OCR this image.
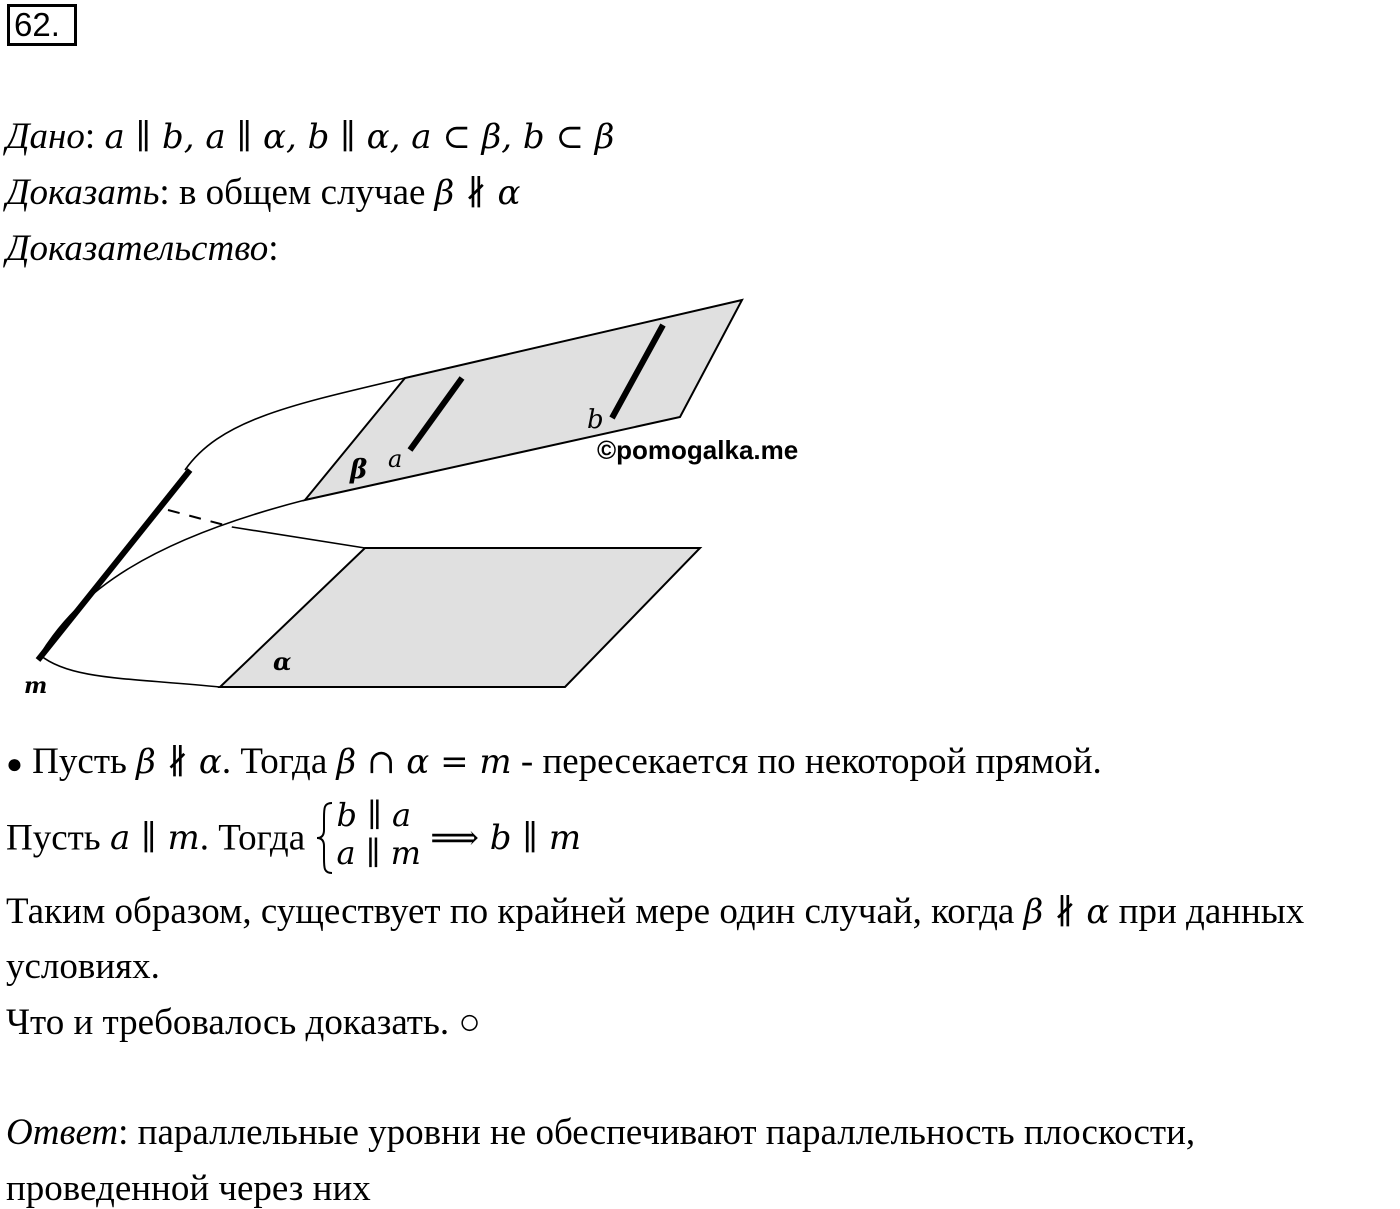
62.
Дано: a ∥ b, a ∥ α, b ∥ α, a ⊂ β, b ⊂ β
Доказать: в общем случае β ∦ α
Доказательство:
a
b
β
α
m
©pomogalka.me
● Пусть β ∦ α. Тогда β ∩ α = m - пересекается по некоторой прямой.
Пусть a ∥ m. Тогда
b ∥ a
a ∥ m ⟹ b ∥ m
Таким образом, существует по крайней мере один случай, когда β ∦ α при данных
условиях.
Что и требовалось доказать. ○
Ответ: параллельные уровни не обеспечивают параллельность плоскости,
проведенной через них
